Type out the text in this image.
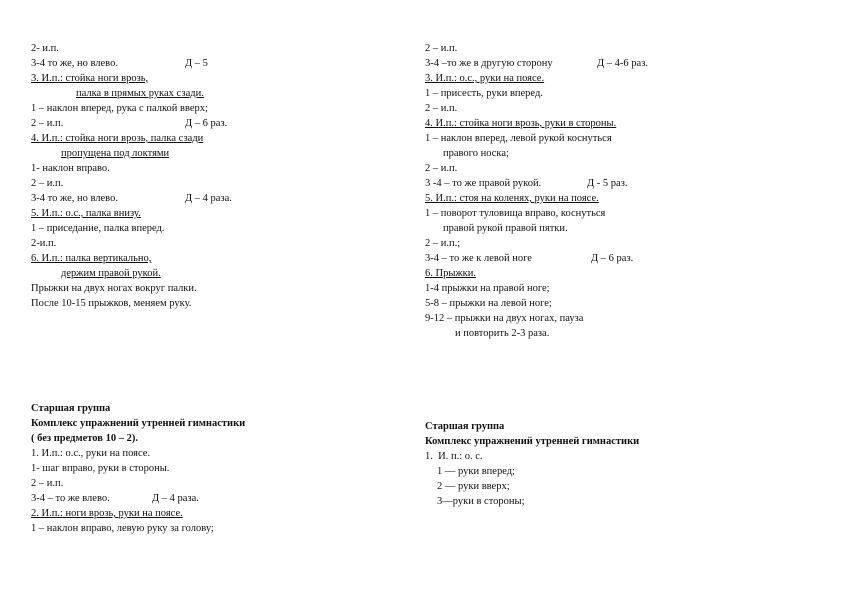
2- и.п.
3-4 то же, но влево.	Д – 5
3. И.п.: стойка ноги врозь,
палка в прямых руках сзади.
1 – наклон вперед, рука с палкой вверх;
2 – и.п.	Д – 6 раз.
4. И.п.: стойка ноги врозь, палка сзади
пропущена под локтями
1- наклон вправо.
2 – и.п.
3-4 то же, но влево.	Д – 4 раза.
5. И.п.: о.с., палка внизу.
1 – приседание, палка вперед.
2-и.п.
6. И.п.: палка вертикально,
держим правой рукой.
Прыжки на двух ногах вокруг палки.
После 10-15 прыжков, меняем руку.
Старшая группа
Комплекс упражнений утренней гимнастики
( без предметов 10 – 2).
1. И.п.: о.с., руки на поясе.
1- шаг вправо, руки в стороны.
2 – и.п.
3-4 – то же влево.	Д – 4 раза.
2. И.п.: ноги врозь, руки на поясе.
1 – наклон вправо, левую руку за голову;
2 – и.п.
3-4 –то же в другую сторону	Д – 4-6 раз.
3. И.п.: о.с., руки на поясе.
1 – присесть, руки вперед.
2 – и.п.
4. И.п.: стойка ноги врозь, руки в стороны.
1 – наклон вперед, левой рукой коснуться
правого носка;
2 – и.п.
3 -4 – то же правой рукой.	Д - 5 раз.
5. И.п.: стоя на коленях, руки на поясе.
1 – поворот туловища вправо, коснуться
правой рукой правой пятки.
2 – и.п.;
3-4 – то же к левой ноге	Д – 6 раз.
6. Прыжки.
1-4 прыжки на правой ноге;
5-8 – прыжки на левой ноге;
9-12 – прыжки на двух ногах, пауза
и повторить 2-3 раза.
Старшая группа
Комплекс упражнений утренней гимнастики
1.  И. п.: о. с.
1 — руки вперед;
2 — руки вверх;
3—руки в стороны;
